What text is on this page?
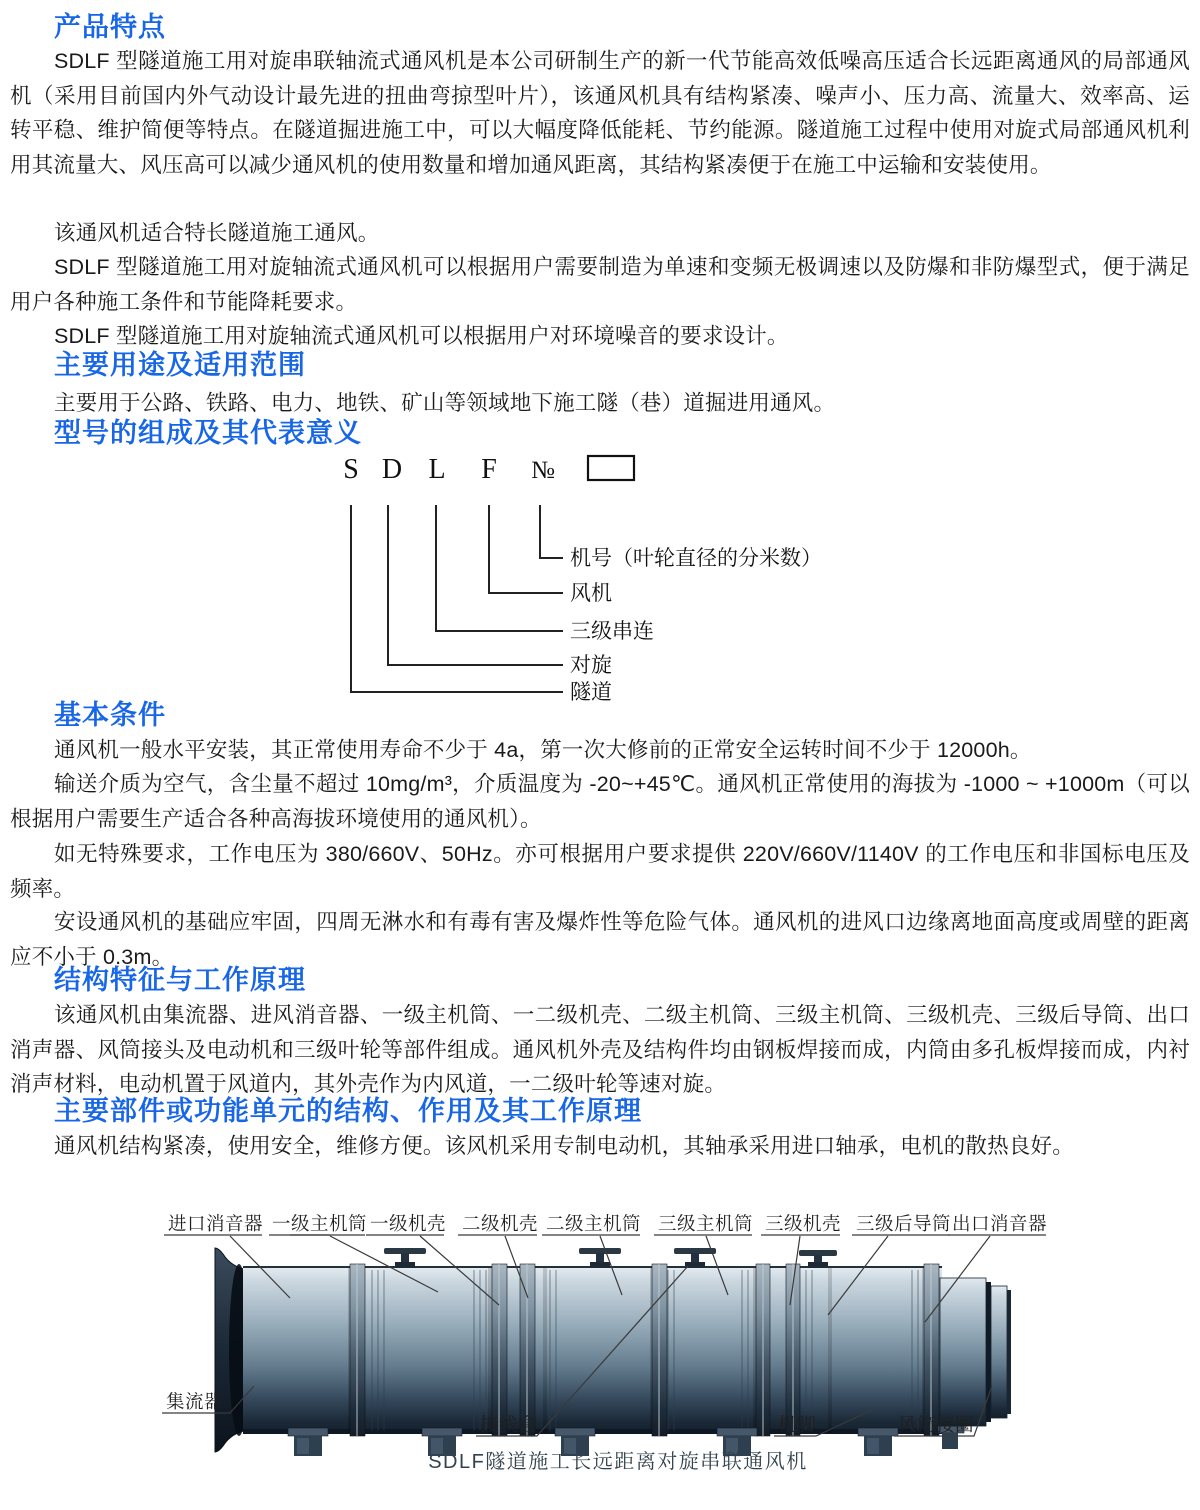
产品特点
SDLF 型隧道施工用对旋串联轴流式通风机是本公司研制生产的新一代节能高效低噪高压适合长远距离通风的局部通风机（采用目前国内外气动设计最先进的扭曲弯掠型叶片），该通风机具有结构紧凑、噪声小、压力高、流量大、效率高、运转平稳、维护简便等特点。在隧道掘进施工中，可以大幅度降低能耗、节约能源。隧道施工过程中使用对旋式局部通风机利用其流量大、风压高可以减少通风机的使用数量和增加通风距离，其结构紧凑便于在施工中运输和安装使用。
该通风机适合特长隧道施工通风。
SDLF 型隧道施工用对旋轴流式通风机可以根据用户需要制造为单速和变频无极调速以及防爆和非防爆型式，便于满足用户各种施工条件和节能降耗要求。
SDLF 型隧道施工用对旋轴流式通风机可以根据用户对环境噪音的要求设计。
主要用途及适用范围
主要用于公路、铁路、电力、地铁、矿山等领域地下施工隧（巷）道掘进用通风。
型号的组成及其代表意义
S D L F №
机号（叶轮直径的分米数）
风机
三级串连
对旋
隧道
基本条件
通风机一般水平安装，其正常使用寿命不少于 4a，第一次大修前的正常安全运转时间不少于 12000h。
输送介质为空气，含尘量不超过 10mg/m³，介质温度为 -20~+45℃。通风机正常使用的海拔为 -1000 ~ +1000m（可以根据用户需要生产适合各种高海拔环境使用的通风机）。
如无特殊要求，工作电压为 380/660V、50Hz。亦可根据用户要求提供 220V/660V/1140V 的工作电压和非国标电压及频率。
安设通风机的基础应牢固，四周无淋水和有毒有害及爆炸性等危险气体。通风机的进风口边缘离地面高度或周壁的距离应不小于 0.3m。
结构特征与工作原理
该通风机由集流器、进风消音器、一级主机筒、一二级机壳、二级主机筒、三级主机筒、三级机壳、三级后导筒、出口消声器、风筒接头及电动机和三级叶轮等部件组成。通风机外壳及结构件均由钢板焊接而成，内筒由多孔板焊接而成，内衬消声材料，电动机置于风道内，其外壳作为内风道，一二级叶轮等速对旋。
主要部件或功能单元的结构、作用及其工作原理
通风机结构紧凑，使用安全，维修方便。该风机采用专制电动机，其轴承采用进口轴承，电机的散热良好。
进口消音器 一级主机筒 一级机壳 二级机壳 二级主机筒 三级主机筒 三级机壳 三级后导筒 出口消音器
集流器
接线盒	机脚	风筒接圈
SDLF隧道施工长远距离对旋串联通风机
